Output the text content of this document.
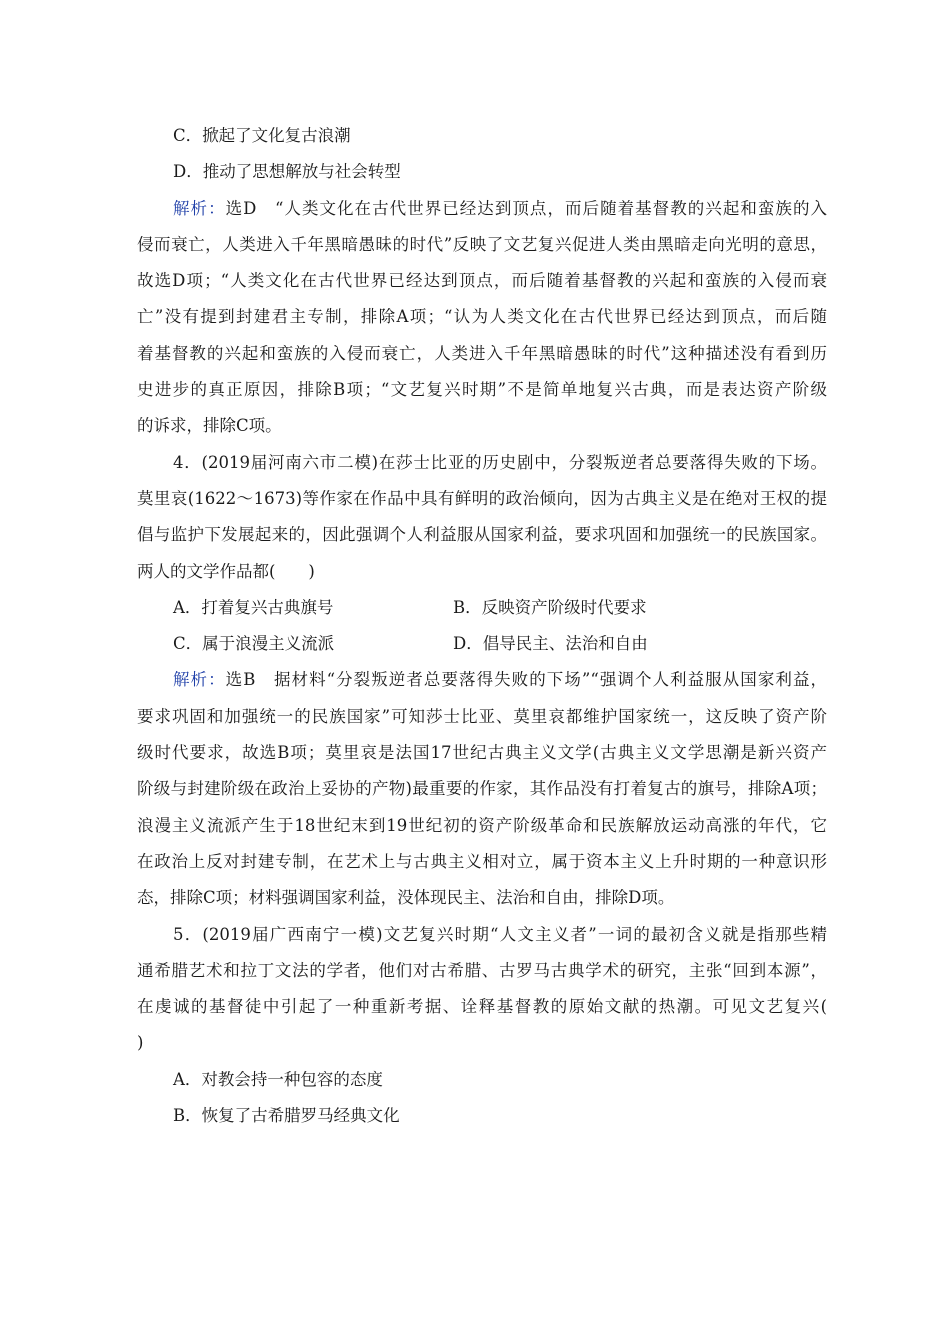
C．掀起了文化复古浪潮
D．推动了思想解放与社会转型
解析：选D　“人类文化在古代世界已经达到顶点，而后随着基督教的兴起和蛮族的入
侵而衰亡，人类进入千年黑暗愚昧的时代”反映了文艺复兴促进人类由黑暗走向光明的意思，
故选D项；“人类文化在古代世界已经达到顶点，而后随着基督教的兴起和蛮族的入侵而衰
亡”没有提到封建君主专制，排除A项；“认为人类文化在古代世界已经达到顶点，而后随
着基督教的兴起和蛮族的入侵而衰亡，人类进入千年黑暗愚昧的时代”这种描述没有看到历
史进步的真正原因，排除B项；“文艺复兴时期”不是简单地复兴古典，而是表达资产阶级
的诉求，排除C项。
4．(2019届河南六市二模)在莎士比亚的历史剧中，分裂叛逆者总要落得失败的下场。
莫里哀(1622～1673)等作家在作品中具有鲜明的政治倾向，因为古典主义是在绝对王权的提
倡与监护下发展起来的，因此强调个人利益服从国家利益，要求巩固和加强统一的民族国家。
两人的文学作品都(　　)
A．打着复兴古典旗号	B．反映资产阶级时代要求
C．属于浪漫主义流派	D．倡导民主、法治和自由
解析：选B　据材料“分裂叛逆者总要落得失败的下场”“强调个人利益服从国家利益，
要求巩固和加强统一的民族国家”可知莎士比亚、莫里哀都维护国家统一，这反映了资产阶
级时代要求，故选B项；莫里哀是法国17世纪古典主义文学(古典主义文学思潮是新兴资产
阶级与封建阶级在政治上妥协的产物)最重要的作家，其作品没有打着复古的旗号，排除A项；
浪漫主义流派产生于18世纪末到19世纪初的资产阶级革命和民族解放运动高涨的年代，它
在政治上反对封建专制，在艺术上与古典主义相对立，属于资本主义上升时期的一种意识形
态，排除C项；材料强调国家利益，没体现民主、法治和自由，排除D项。
5．(2019届广西南宁一模)文艺复兴时期“人文主义者”一词的最初含义就是指那些精
通希腊艺术和拉丁文法的学者，他们对古希腊、古罗马古典学术的研究，主张“回到本源”，
在虔诚的基督徒中引起了一种重新考据、诠释基督教的原始文献的热潮。可见文艺复兴(
)
A．对教会持一种包容的态度
B．恢复了古希腊罗马经典文化
